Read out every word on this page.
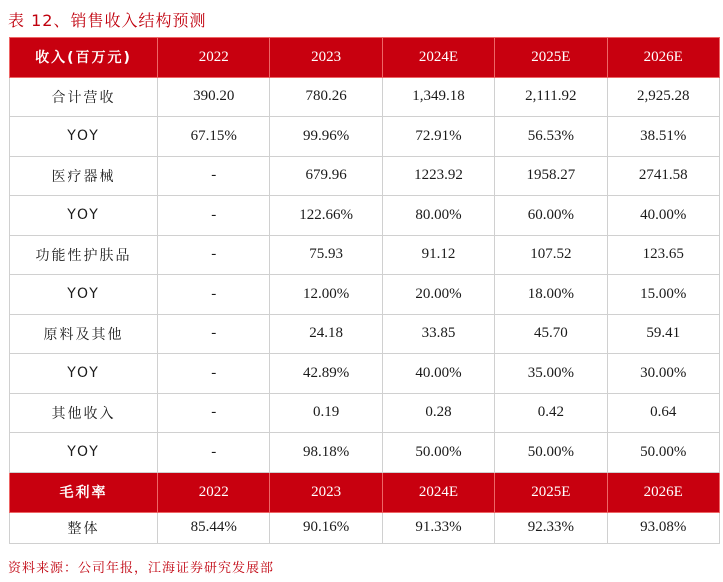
表 12、销售收入结构预测
收入(百万元)	2022	2023	2024E	2025E	2026E
合计营收	390.20	780.26	1,349.18	2,111.92	2,925.28
YOY	67.15%	99.96%	72.91%	56.53%	38.51%
医疗器械	-	679.96	1223.92	1958.27	2741.58
YOY	-	122.66%	80.00%	60.00%	40.00%
功能性护肤品	-	75.93	91.12	107.52	123.65
YOY	-	12.00%	20.00%	18.00%	15.00%
原料及其他	-	24.18	33.85	45.70	59.41
YOY	-	42.89%	40.00%	35.00%	30.00%
其他收入	-	0.19	0.28	0.42	0.64
YOY	-	98.18%	50.00%	50.00%	50.00%
毛利率	2022	2023	2024E	2025E	2026E
整体	85.44%	90.16%	91.33%	92.33%	93.08%
资料来源：公司年报，江海证券研究发展部
